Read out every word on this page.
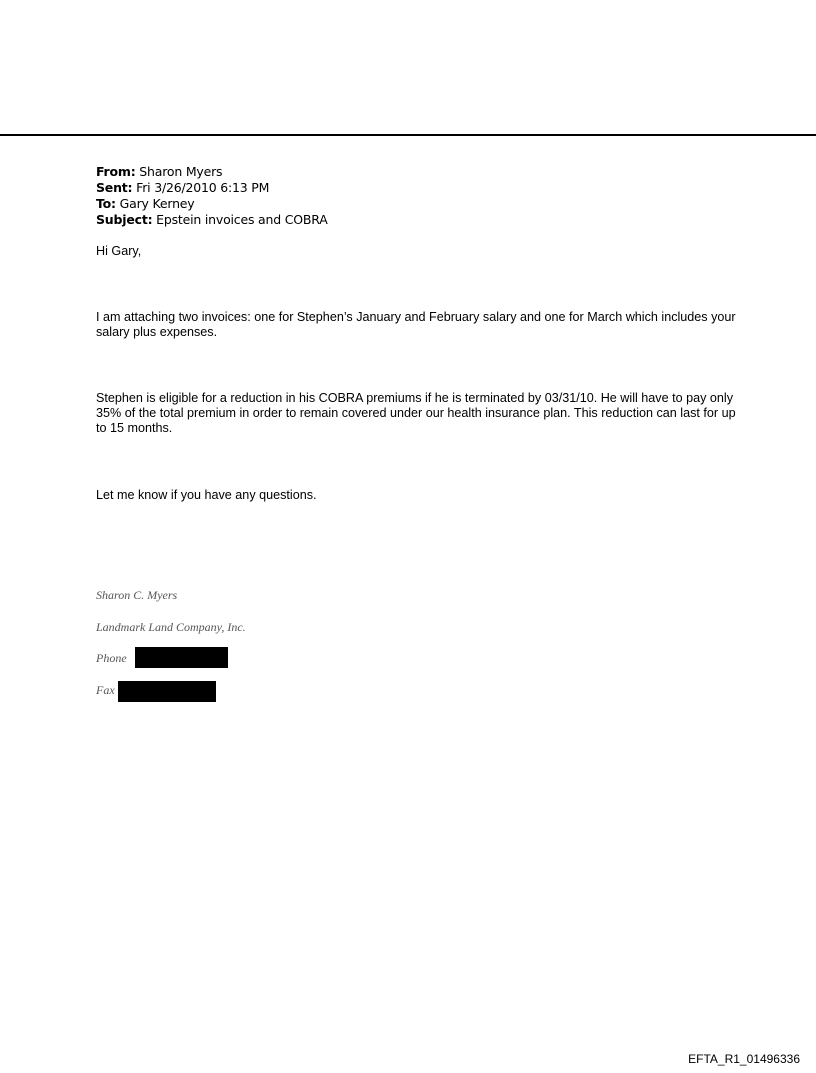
From: Sharon Myers
Sent: Fri 3/26/2010 6:13 PM
To: Gary Kerney
Subject: Epstein invoices and COBRA
Hi Gary,
I am attaching two invoices: one for Stephen’s January and February salary and one for March which includes your salary plus expenses.
Stephen is eligible for a reduction in his COBRA premiums if he is terminated by 03/31/10. He will have to pay only 35% of the total premium in order to remain covered under our health insurance plan. This reduction can last for up to 15 months.
Let me know if you have any questions.
Sharon C. Myers
Landmark Land Company, Inc.
Phone
Fax
EFTA_R1_01496336
